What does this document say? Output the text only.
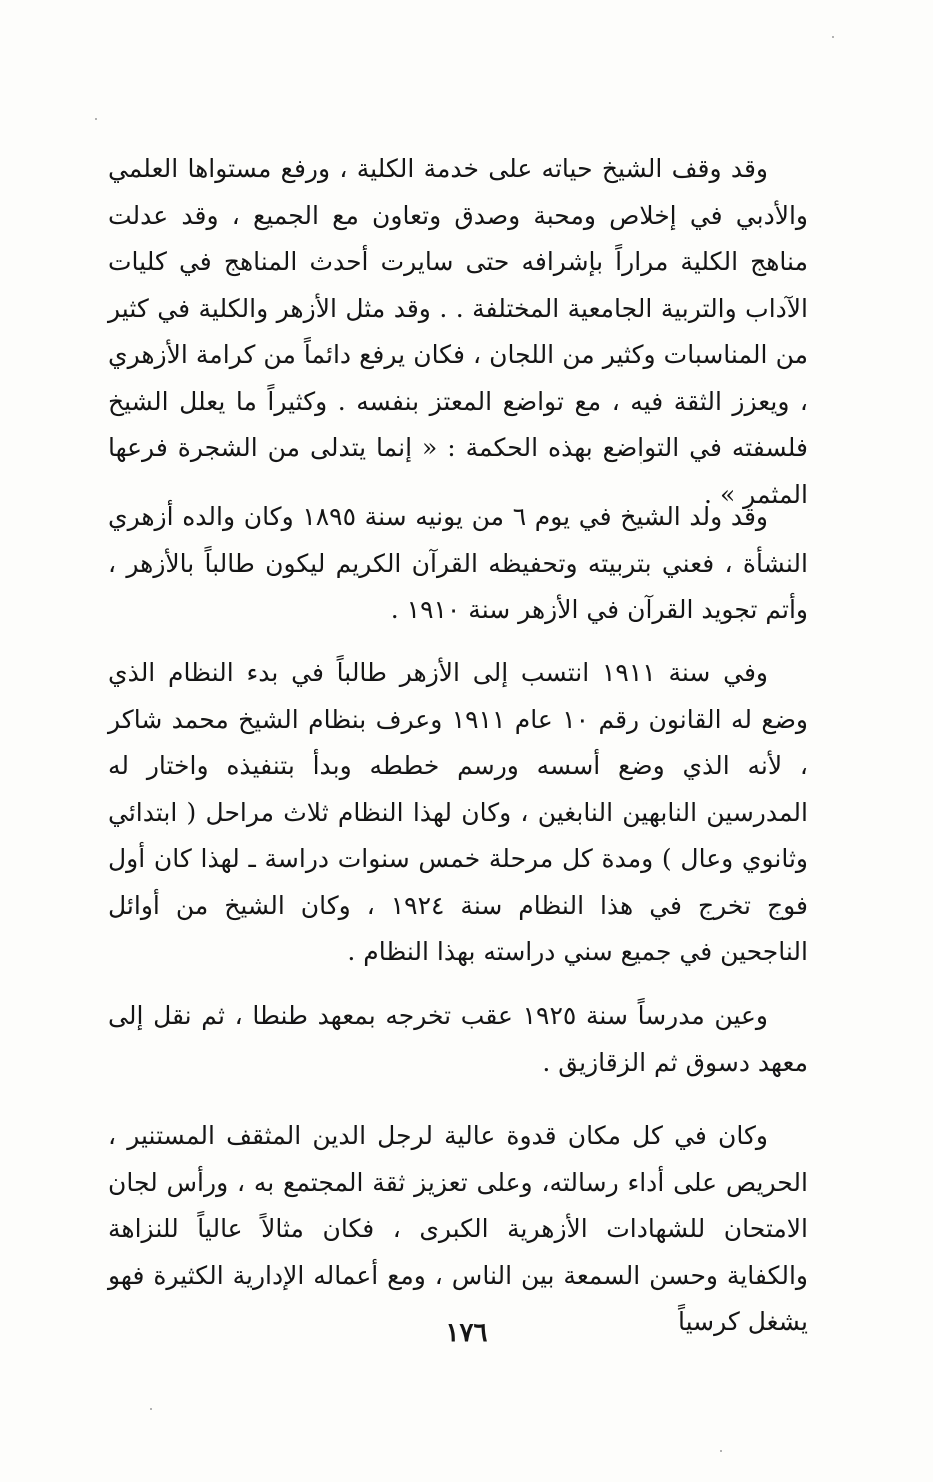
وقد وقف الشيخ حياته على خدمة الكلية ، ورفع مستواها العلمي والأدبي في إخلاص ومحبة وصدق وتعاون مع الجميع ، وقد عدلت مناهج الكلية مراراً بإشرافه حتى سايرت أحدث المناهج في كليات الآداب والتربية الجامعية المختلفة . . وقد مثل الأزهر والكلية في كثير من المناسبات وكثير من اللجان ، فكان يرفع دائماً من كرامة الأزهري ، ويعزز الثقة فيه ، مع تواضع المعتز بنفسه . وكثيراً ما يعلل الشيخ فلسفته في التواضع بهذه الحكمة : « إنما يتدلى من الشجرة فرعها المثمر » .

وقد ولد الشيخ في يوم ٦ من يونيه سنة ١٨٩٥ وكان والده أزهري النشأة ، فعني بتربيته وتحفيظه القرآن الكريم ليكون طالباً بالأزهر ، وأتم تجويد القرآن في الأزهر سنة ١٩١٠ .

وفي سنة ١٩١١ انتسب إلى الأزهر طالباً في بدء النظام الذي وضع له القانون رقم ١٠ عام ١٩١١ وعرف بنظام الشيخ محمد شاكر ، لأنه الذي وضع أسسه ورسم خططه وبدأ بتنفيذه واختار له المدرسين النابهين النابغين ، وكان لهذا النظام ثلاث مراحل ( ابتدائي وثانوي وعال ) ومدة كل مرحلة خمس سنوات دراسة ـ لهذا كان أول فوج تخرج في هذا النظام سنة ١٩٢٤ ، وكان الشيخ من أوائل الناجحين في جميع سني دراسته بهذا النظام .

وعين مدرساً سنة ١٩٢٥ عقب تخرجه بمعهد طنطا ، ثم نقل إلى معهد دسوق ثم الزقازيق .

وكان في كل مكان قدوة عالية لرجل الدين المثقف المستنير ، الحريص على أداء رسالته، وعلى تعزيز ثقة المجتمع به ، ورأس لجان الامتحان للشهادات الأزهرية الكبرى ، فكان مثالاً عالياً للنزاهة والكفاية وحسن السمعة بين الناس ، ومع أعماله الإدارية الكثيرة فهو يشغل كرسياً

١٧٦
